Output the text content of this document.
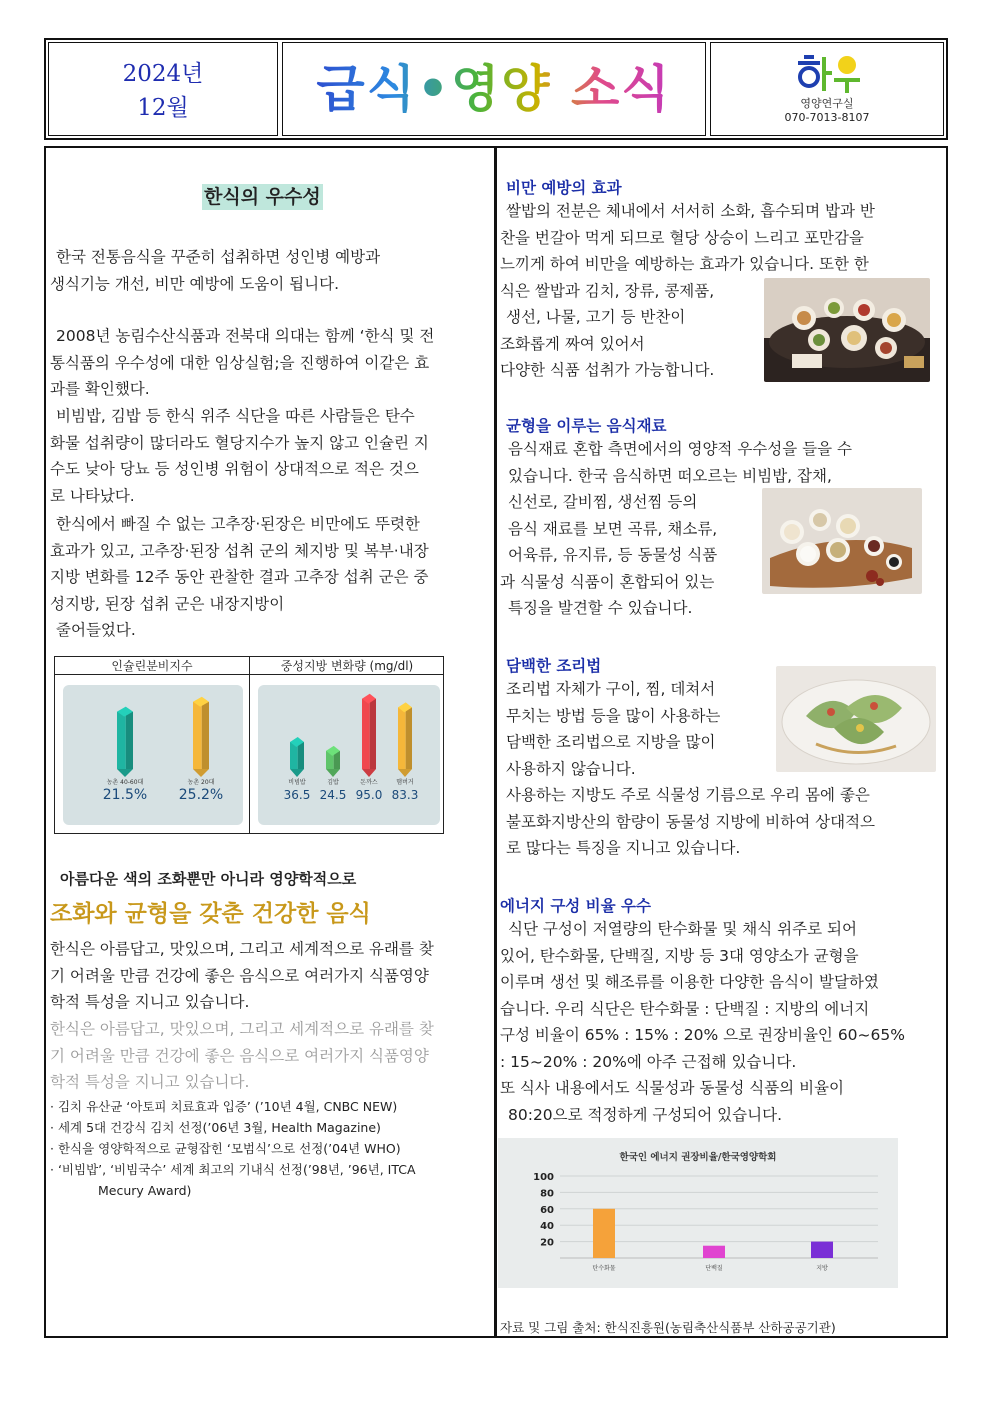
2024년
12월	급식•영양 소식	영양연구실
070-7013-8107
한식의 우수성
한국 전통음식을 꾸준히 섭취하면 성인병 예방과
생식기능 개선, 비만 예방에 도움이 됩니다.
2008년 농림수산식품과 전북대 의대는 함께 ‘한식 및 전
통식품의 우수성에 대한 임상실험;을 진행하여 이같은 효
과를 확인했다.
비빔밥, 김밥 등 한식 위주 식단을 따른 사람들은 탄수
화물 섭취량이 많더라도 혈당지수가 높지 않고 인슐린 지
수도 낮아 당뇨 등 성인병 위험이 상대적으로 적은 것으
로 나타났다.
한식에서 빠질 수 없는 고추장·된장은 비만에도 뚜렷한
효과가 있고, 고추장·된장 섭취 군의 체지방 및 복부·내장
지방 변화를 12주 동안 관찰한 결과 고추장 섭취 군은 중
성지방, 된장 섭취 군은 내장지방이
줄어들었다.
인슐린분비지수	중성지방 변화량 (mg/dl)
농촌 40-60대
21.5%
농촌 20대
25.2%
비빔밥
36.5
김밥
24.5
돈까스
95.0
햄버거
83.3
아름다운 색의 조화뿐만 아니라 영양학적으로
조화와 균형을 갖춘 건강한 음식
한식은 아름답고, 맛있으며, 그리고 세계적으로 유래를 찾
기 어려울 만큼 건강에 좋은 음식으로 여러가지 식품영양
학적 특성을 지니고 있습니다.
한식은 아름답고, 맛있으며, 그리고 세계적으로 유래를 찾
기 어려울 만큼 건강에 좋은 음식으로 여러가지 식품영양
학적 특성을 지니고 있습니다.
· 김치 유산균 ‘아토피 치료효과 입증’ (’10년 4월, CNBC NEW)
· 세계 5대 건강식 김치 선정(’06년 3월, Health Magazine)
· 한식을 영양학적으로 균형잡힌 ‘모범식’으로 선정(’04년 WHO)
· ‘비빔밥’, ‘비빔국수’ 세계 최고의 기내식 선정(’98년, ’96년, ITCA
Mecury Award)
비만 예방의 효과
쌀밥의 전분은 체내에서 서서히 소화, 흡수되며 밥과 반
찬을 번갈아 먹게 되므로 혈당 상승이 느리고 포만감을
느끼게 하여 비만을 예방하는 효과가 있습니다. 또한 한
식은 쌀밥과 김치, 장류, 콩제품,
생선, 나물, 고기 등 반찬이
조화롭게 짜여 있어서
다양한 식품 섭취가 가능합니다.
균형을 이루는 음식재료
음식재료 혼합 측면에서의 영양적 우수성을 들을 수
있습니다. 한국 음식하면 떠오르는 비빔밥, 잡채,
신선로, 갈비찜, 생선찜 등의
음식 재료를 보면 곡류, 채소류,
어육류, 유지류, 등 동물성 식품
과 식물성 식품이 혼합되어 있는
특징을 발견할 수 있습니다.
담백한 조리법
조리법 자체가 구이, 찜, 데쳐서
무치는 방법 등을 많이 사용하는
담백한 조리법으로 지방을 많이
사용하지 않습니다.
사용하는 지방도 주로 식물성 기름으로 우리 몸에 좋은
불포화지방산의 함량이 동물성 지방에 비하여 상대적으
로 많다는 특징을 지니고 있습니다.
에너지 구성 비율 우수
식단 구성이 저열량의 탄수화물 및 채식 위주로 되어
있어, 탄수화물, 단백질, 지방 등 3대 영양소가 균형을
이루며 생선 및 해조류를 이용한 다양한 음식이 발달하였
습니다. 우리 식단은 탄수화물 : 단백질 : 지방의 에너지
구성 비율이 65% : 15% : 20% 으로 권장비율인 60~65%
: 15~20% : 20%에 아주 근접해 있습니다.
또 식사 내용에서도 식물성과 동물성 식품의 비율이
80:20으로 적정하게 구성되어 있습니다.
한국인 에너지 권장비율/한국영양학회
20
40
60
80
100
탄수화물	단백질	지방
자료 및 그림 출처: 한식진흥원(농림축산식품부 산하공공기관)
